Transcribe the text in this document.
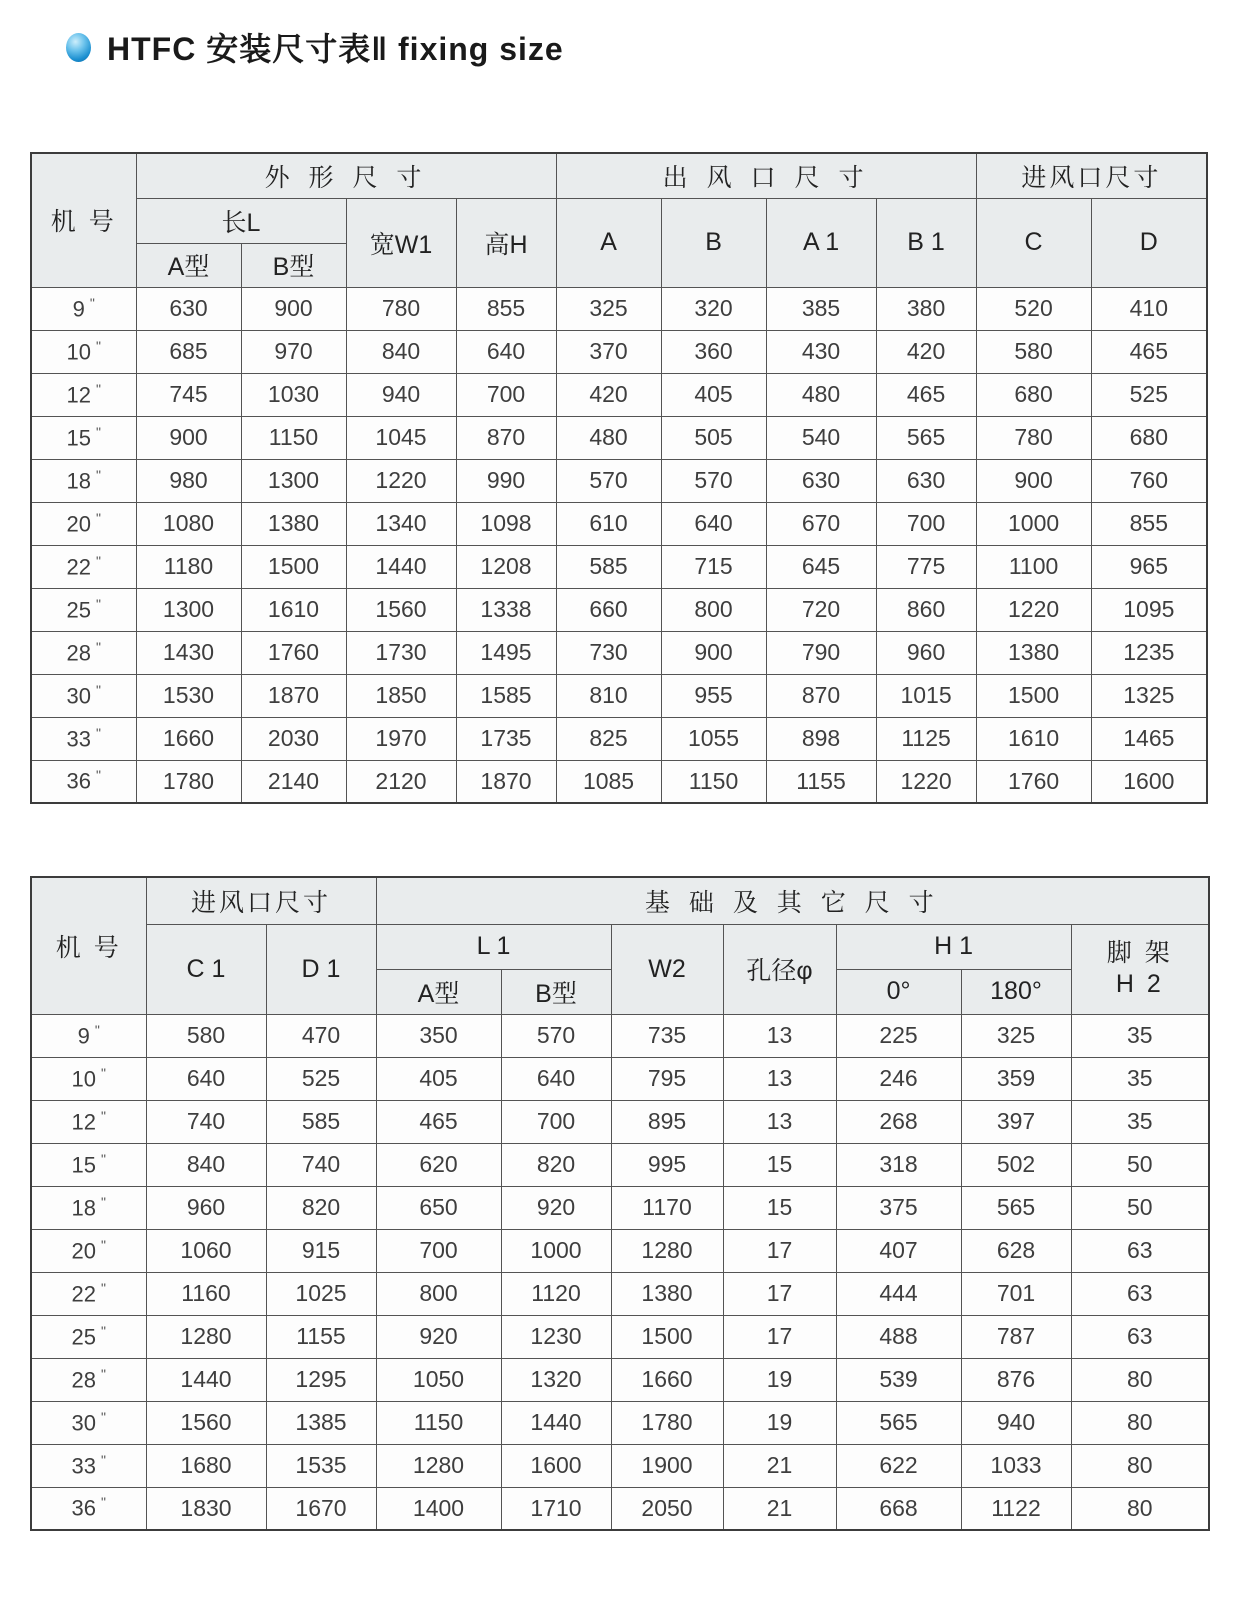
HTFC 安装尺寸表‖ fixing size
机 号	外 形 尺 寸				出 风 口 尺 寸				进风口尺寸	
	长L		宽W1	高H	A	B	A 1	B 1	C	D
	A型	B型								
9 "	630	900	780	855	325	320	385	380	520	410
10 "	685	970	840	640	370	360	430	420	580	465
12 "	745	1030	940	700	420	405	480	465	680	525
15 "	900	1150	1045	870	480	505	540	565	780	680
18 "	980	1300	1220	990	570	570	630	630	900	760
20 "	1080	1380	1340	1098	610	640	670	700	1000	855
22 "	1180	1500	1440	1208	585	715	645	775	1100	965
25 "	1300	1610	1560	1338	660	800	720	860	1220	1095
28 "	1430	1760	1730	1495	730	900	790	960	1380	1235
30 "	1530	1870	1850	1585	810	955	870	1015	1500	1325
33 "	1660	2030	1970	1735	825	1055	898	1125	1610	1465
36 "	1780	2140	2120	1870	1085	1150	1155	1220	1760	1600
机 号	进风口尺寸		基 础 及 其 它 尺 寸						
	C 1	D 1	L 1		W2	孔径φ	H 1		脚 架
H 2

			A型	B型			0°	180°	
9 "	580	470	350	570	735	13	225	325	35
10 "	640	525	405	640	795	13	246	359	35
12 "	740	585	465	700	895	13	268	397	35
15 "	840	740	620	820	995	15	318	502	50
18 "	960	820	650	920	1170	15	375	565	50
20 "	1060	915	700	1000	1280	17	407	628	63
22 "	1160	1025	800	1120	1380	17	444	701	63
25 "	1280	1155	920	1230	1500	17	488	787	63
28 "	1440	1295	1050	1320	1660	19	539	876	80
30 "	1560	1385	1150	1440	1780	19	565	940	80
33 "	1680	1535	1280	1600	1900	21	622	1033	80
36 "	1830	1670	1400	1710	2050	21	668	1122	80
